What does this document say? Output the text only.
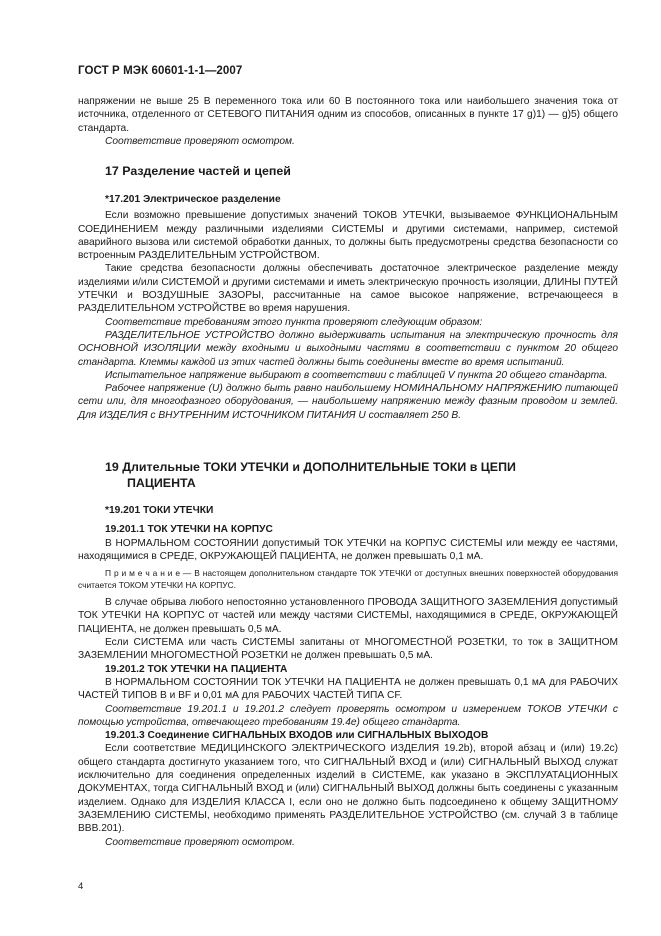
ГОСТ Р МЭК 60601-1-1—2007

напряжении не выше 25 В переменного тока или 60 В постоянного тока или наибольшего значения тока от источника, отделенного от СЕТЕВОГО ПИТАНИЯ одним из способов, описанных в пункте 17 g)1) — g)5) общего стандарта.

Соответствие проверяют осмотром.

17 Разделение частей и цепей

*17.201 Электрическое разделение

Если возможно превышение допустимых значений ТОКОВ УТЕЧКИ, вызываемое ФУНКЦИОНАЛЬНЫМ СОЕДИНЕНИЕМ между различными изделиями СИСТЕМЫ и другими системами, например, системой аварийного вызова или системой обработки данных, то должны быть предусмотрены средства безопасности со встроенным РАЗДЕЛИТЕЛЬНЫМ УСТРОЙСТВОМ.

Такие средства безопасности должны обеспечивать достаточное электрическое разделение между изделиями и/или СИСТЕМОЙ и другими системами и иметь электрическую прочность изоляции, ДЛИНЫ ПУТЕЙ УТЕЧКИ и ВОЗДУШНЫЕ ЗАЗОРЫ, рассчитанные на самое высокое напряжение, встречающееся в РАЗДЕЛИТЕЛЬНОМ УСТРОЙСТВЕ во время нарушения.

Соответствие требованиям этого пункта проверяют следующим образом:

РАЗДЕЛИТЕЛЬНОЕ УСТРОЙСТВО должно выдерживать испытания на электрическую прочность для ОСНОВНОЙ ИЗОЛЯЦИИ между входными и выходными частями в соответствии с пунктом 20 общего стандарта. Клеммы каждой из этих частей должны быть соединены вместе во время испытаний.

Испытательное напряжение выбирают в соответствии с таблицей V пункта 20 общего стандарта.

Рабочее напряжение (U) должно быть равно наибольшему НОМИНАЛЬНОМУ НАПРЯЖЕНИЮ питающей сети или, для многофазного оборудования, — наибольшему напряжению между фазным проводом и землей. Для ИЗДЕЛИЯ с ВНУТРЕННИМ ИСТОЧНИКОМ ПИТАНИЯ U составляет 250 В.

19 Длительные ТОКИ УТЕЧКИ и ДОПОЛНИТЕЛЬНЫЕ ТОКИ в ЦЕПИ
ПАЦИЕНТА

*19.201 ТОКИ УТЕЧКИ

19.201.1 ТОК УТЕЧКИ НА КОРПУС

В НОРМАЛЬНОМ СОСТОЯНИИ допустимый ТОК УТЕЧКИ на КОРПУС СИСТЕМЫ или между ее частями, находящимися в СРЕДЕ, ОКРУЖАЮЩЕЙ ПАЦИЕНТА, не должен превышать 0,1 мА.

П р и м е ч а н и е — В настоящем дополнительном стандарте ТОК УТЕЧКИ от доступных внешних поверхностей оборудования считается ТОКОМ УТЕЧКИ НА КОРПУС.

В случае обрыва любого непостоянно установленного ПРОВОДА ЗАЩИТНОГО ЗАЗЕМЛЕНИЯ допустимый ТОК УТЕЧКИ НА КОРПУС от частей или между частями СИСТЕМЫ, находящимися в СРЕДЕ, ОКРУЖАЮЩЕЙ ПАЦИЕНТА, не должен превышать 0,5 мА.

Если СИСТЕМА или часть СИСТЕМЫ запитаны от МНОГОМЕСТНОЙ РОЗЕТКИ, то ток в ЗАЩИТНОМ ЗАЗЕМЛЕНИИ МНОГОМЕСТНОЙ РОЗЕТКИ не должен превышать 0,5 мА.

19.201.2 ТОК УТЕЧКИ НА ПАЦИЕНТА

В НОРМАЛЬНОМ СОСТОЯНИИ ТОК УТЕЧКИ НА ПАЦИЕНТА не должен превышать 0,1 мА для РАБОЧИХ ЧАСТЕЙ ТИПОВ В и BF и 0,01 мА для РАБОЧИХ ЧАСТЕЙ ТИПА CF.

Соответствие 19.201.1 и 19.201.2 следует проверять осмотром и измерением ТОКОВ УТЕЧКИ с помощью устройства, отвечающего требованиям 19.4е) общего стандарта.

19.201.3 Соединение СИГНАЛЬНЫХ ВХОДОВ или СИГНАЛЬНЫХ ВЫХОДОВ

Если соответствие МЕДИЦИНСКОГО ЭЛЕКТРИЧЕСКОГО ИЗДЕЛИЯ 19.2b), второй абзац и (или) 19.2c) общего стандарта достигнуто указанием того, что СИГНАЛЬНЫЙ ВХОД и (или) СИГНАЛЬНЫЙ ВЫХОД служат исключительно для соединения определенных изделий в СИСТЕМЕ, как указано в ЭКСПЛУАТАЦИОННЫХ ДОКУМЕНТАХ, тогда СИГНАЛЬНЫЙ ВХОД и (или) СИГНАЛЬНЫЙ ВЫХОД должны быть соединены с указанным изделием. Однако для ИЗДЕЛИЯ КЛАССА I, если оно не должно быть подсоединено к общему ЗАЩИТНОМУ ЗАЗЕМЛЕНИЮ СИСТЕМЫ, необходимо применять РАЗДЕЛИТЕЛЬНОЕ УСТРОЙСТВО (см. случай 3 в таблице ВВВ.201).

Соответствие проверяют осмотром.

4
